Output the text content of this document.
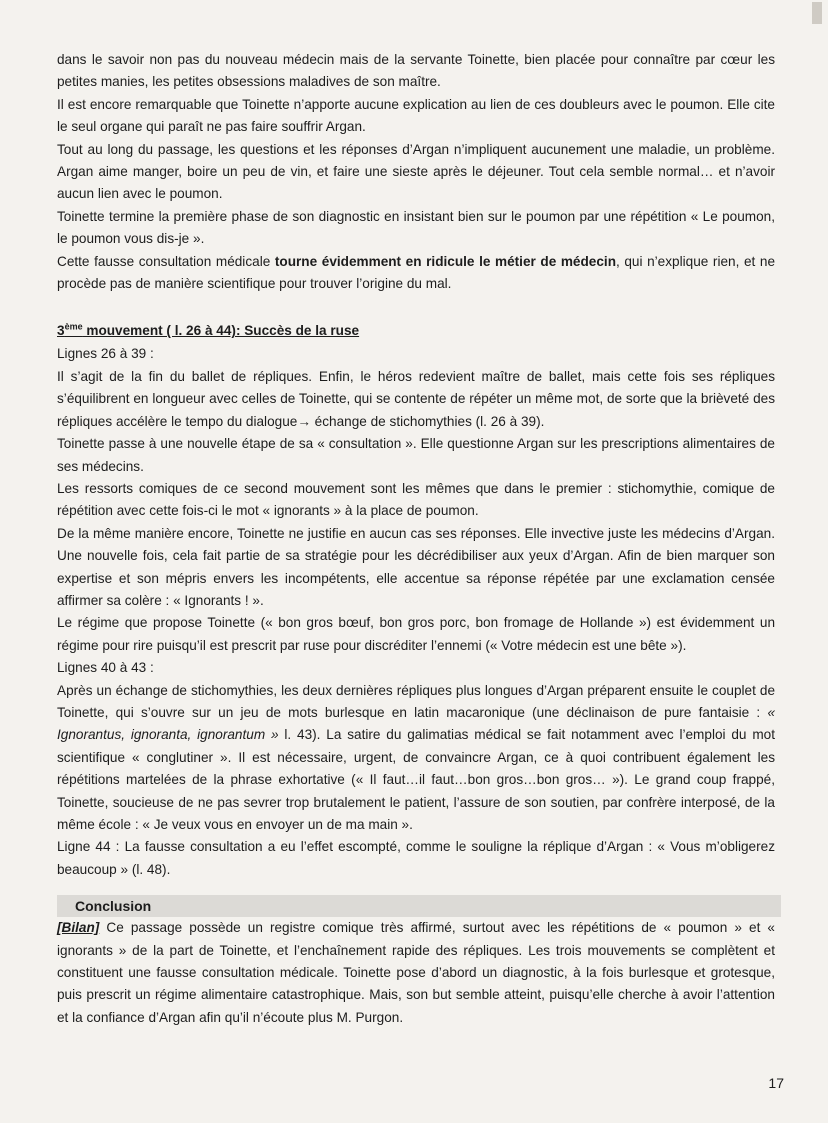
dans le savoir non pas du nouveau médecin mais de la servante Toinette, bien placée pour connaître par cœur les petites manies, les petites obsessions maladives de son maître.

Il est encore remarquable que Toinette n’apporte aucune explication au lien de ces doubleurs avec le poumon. Elle cite le seul organe qui paraît ne pas faire souffrir Argan.

Tout au long du passage, les questions et les réponses d’Argan n’impliquent aucunement une maladie, un problème. Argan aime manger, boire un peu de vin, et faire une sieste après le déjeuner. Tout cela semble normal… et n’avoir aucun lien avec le poumon.

Toinette termine la première phase de son diagnostic en insistant bien sur le poumon par une répétition « Le poumon, le poumon vous dis-je ».

Cette fausse consultation médicale tourne évidemment en ridicule le métier de médecin, qui n’explique rien, et ne procède pas de manière scientifique pour trouver l’origine du mal.

3ème mouvement ( l. 26 à 44): Succès de la ruse

Lignes 26 à 39 :

Il s’agit de la fin du ballet de répliques. Enfin, le héros redevient maître de ballet, mais cette fois ses répliques s’équilibrent en longueur avec celles de Toinette, qui se contente de répéter un même mot, de sorte que la brièveté des répliques accélère le tempo du dialogue→ échange de stichomythies (l. 26 à 39).

Toinette passe à une nouvelle étape de sa « consultation ». Elle questionne Argan sur les prescriptions alimentaires de ses médecins.

Les ressorts comiques de ce second mouvement sont les mêmes que dans le premier : stichomythie, comique de répétition avec cette fois-ci le mot « ignorants » à la place de poumon.

De la même manière encore, Toinette ne justifie en aucun cas ses réponses. Elle invective juste les médecins d’Argan. Une nouvelle fois, cela fait partie de sa stratégie pour les décrédibiliser aux yeux d’Argan. Afin de bien marquer son expertise et son mépris envers les incompétents, elle accentue sa réponse répétée par une exclamation censée affirmer sa colère : « Ignorants ! ».

Le régime que propose Toinette (« bon gros bœuf, bon gros porc, bon fromage de Hollande ») est évidemment un régime pour rire puisqu’il est prescrit par ruse pour discréditer l’ennemi (« Votre médecin est une bête »).

Lignes 40 à 43 :

Après un échange de stichomythies, les deux dernières répliques plus longues d’Argan préparent ensuite le couplet de Toinette, qui s’ouvre sur un jeu de mots burlesque en latin macaronique (une déclinaison de pure fantaisie : « Ignorantus, ignoranta, ignorantum » l. 43). La satire du galimatias médical se fait notamment avec l’emploi du mot scientifique « conglutiner ». Il est nécessaire, urgent, de convaincre Argan, ce à quoi contribuent également les répétitions martelées de la phrase exhortative (« Il faut…il faut…bon gros…bon gros… »). Le grand coup frappé, Toinette, soucieuse de ne pas sevrer trop brutalement le patient, l’assure de son soutien, par confrère interposé, de la même école : « Je veux vous en envoyer un de ma main ».

Ligne 44 : La fausse consultation a eu l’effet escompté, comme le souligne la réplique d’Argan : « Vous m’obligerez beaucoup » (l. 48).

Conclusion

[Bilan] Ce passage possède un registre comique très affirmé, surtout avec les répétitions de « poumon » et « ignorants » de la part de Toinette, et l’enchaînement rapide des répliques. Les trois mouvements se complètent et constituent une fausse consultation médicale. Toinette pose d’abord un diagnostic, à la fois burlesque et grotesque, puis prescrit un régime alimentaire catastrophique. Mais, son but semble atteint, puisqu’elle cherche à avoir l’attention et la confiance d’Argan afin qu’il n’écoute plus M. Purgon.

17
